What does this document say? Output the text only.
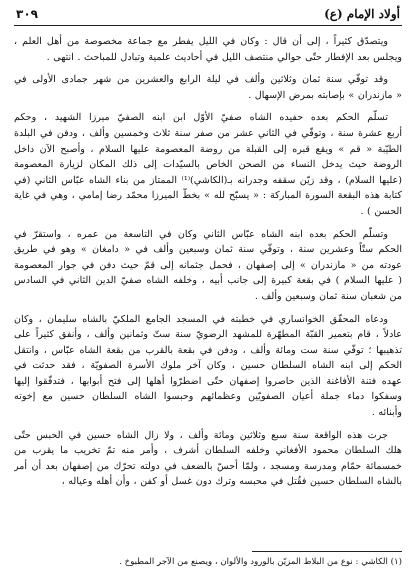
أولاد الإمام (ع)
٣٠٩
ويتصدّق كثيراً ، إلى أن قال : وكان في الليل يفطر مع جماعة مخصوصة من أهل العلم ،
ويجلس بعد الإفطار حتّى حوالي منتصف الليل في أحاديث علمية وتبادل للمباحث . انتهى .
وقد توفّي سنة ثمان وثلاثين وألف في ليلة الرابع والعشرين من شهر جمادى الأولى في
« مازندران » بإصابته بمرض الإسهال .
تسلّم الحكم بعده حفيده الشاه صفيّ الأوّل ابن ابنه الصفيّ ميرزا الشهيد ، وحكم
أربع عشرة سنة ، وتوفّي في الثاني عشر من صفر سنة ثلاث وخمسين وألف ، ودفن في البلدة
الطيّبة « قم » ويقع قبره إلى القبلة من روضة المعصومة عليها السلام ، وأصبح الآن داخل
الروضة حيث يدخل النساء من الصحن الخاص بالسيّدات إلى ذلك المكان لزيارة المعصومة
(عليها السلام) ، وقد زيّن سقفه وجدرانه بـ(الكاشي)⁽¹⁾ الممتاز من بناء الشاه عبّاس الثاني (في
كتابة هذه البقعة السورة المباركة : « يسبّح لله » بخطّ الميرزا محمّد رضا إمامي ، وهي في غاية
الحسن ) .
وتسلّم الحكم بعده ابنه الشاه عبّاس الثاني وكان في التاسعة من عمره ، واستقرّ في
الحكم ستّاً وعشرين سنة ، وتوفّي سنة ثمان وسبعين وألف في « دامغان » وهو في طريق
عودته من « مازندران » إلى إصفهان ، فحمل جثمانه إلى قمّ حيث دفن في جوار المعصومة
( عليها السلام ) في بقعة كبيرة إلى جانب أبيه ، وخلفه الشاه صفيّ الدين الثاني في السادس
من شعبان سنة ثمان وسبعين وألف .
ودعاه المحقّق الخوانساري في خطبته في المسجد الجامع الملكيّ بالشاه سليمان ، وكان
عادلاً ، قام بتعمير القبّة المطهّرة للمشهد الرضويّ سنة ستّ وثمانين وألف ، وأنفق كثيراً على
تذهيبها ؛ توفّي سنة ست ومائة وألف ، ودفن في بقعة بالقرب من بقعة الشاه عبّاس ، وانتقل
الحكم إلى ابنه الشاه السلطان حسين ، وكان آخر ملوك الأسرة الصفويّة ، فقد حدثت في
عهده فتنة الأفاغنة الذين حاصروا إصفهان حتّى اضطرّوا أهلها إلى فتح أبوابها ، فتدفّقوا إليها
وسفكوا دماء جملة أعيان الصفويّين وعظمائهم وحبسوا الشاه السلطان حسين مع إخوته
وأبنائه .
جرت هذه الواقعة سنة سبع وثلاثين ومائة وألف ، ولا زال الشاه حسين في الحبس حتّى
هلك السلطان محمود الأفغاني وخلفه السلطان أشرف ، وأمر منه تمّ تخريب ما يقرب من
خمسمائة حمّام ومدرسة ومسجد ، ولمّا أحسّ بالضعف في دولته تحرّك من إصفهان بعد أن أمر
بالشاه السلطان حسين فقُتل في محبسه وترك دون غسل أو كفن ، وأن أهله وعياله ،
(١) الكاشي : نوع من البلاط المزيّن بالورود والألوان ، ويصنع من الآجر المطبوخ .
